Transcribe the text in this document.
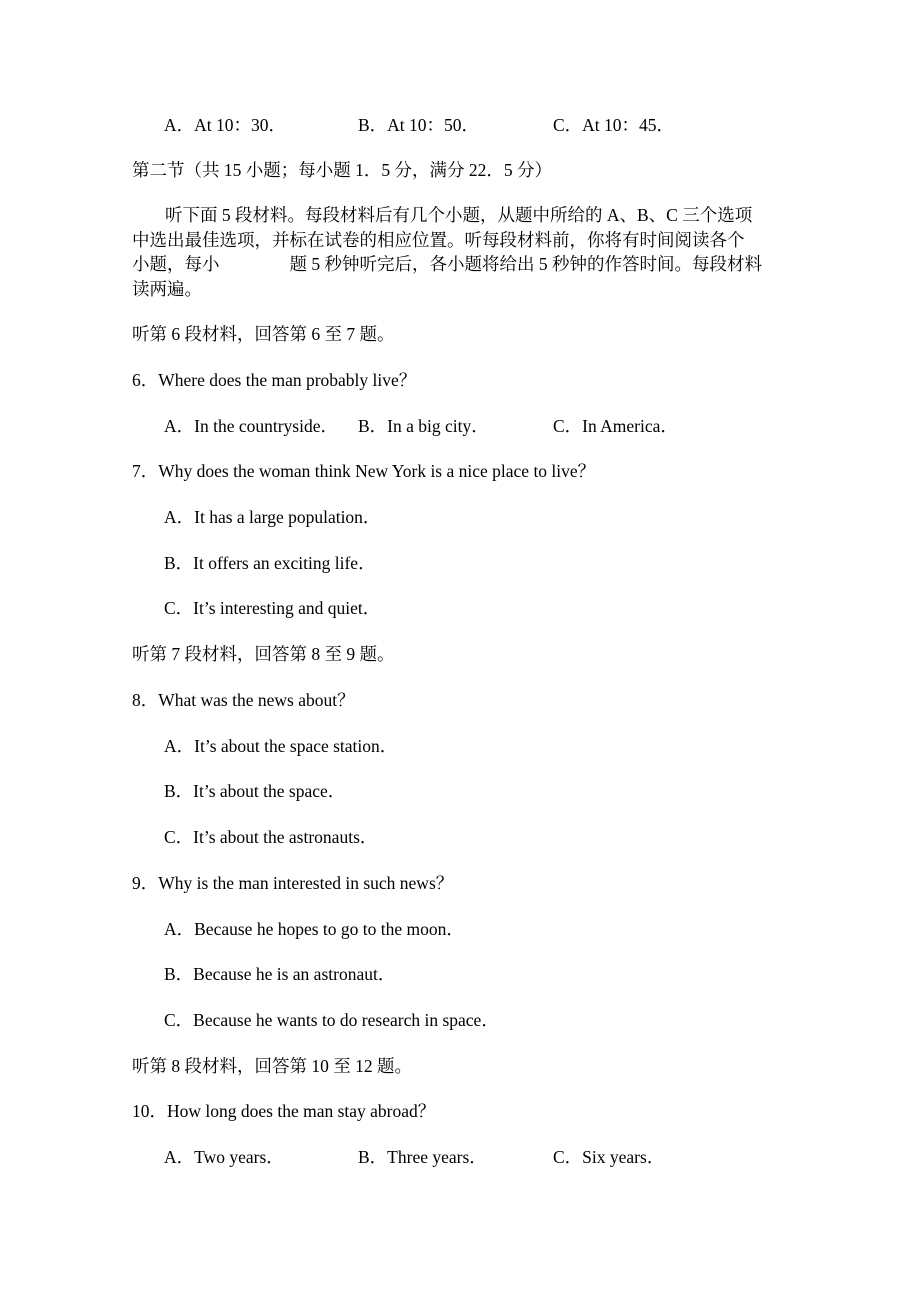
A．At 10：30．	B．At 10：50．	C．At 10：45．
第二节（共 15 小题；每小题 1．5 分，满分 22．5 分）
听下面 5 段材料。每段材料后有几个小题，从题中所给的 A、B、C 三个选项
中选出最佳选项，并标在试卷的相应位置。听每段材料前，你将有时间阅读各个
小题，每小　　　　题 5 秒钟听完后，各小题将给出 5 秒钟的作答时间。每段材料
读两遍。
听第 6 段材料，回答第 6 至 7 题。
6．Where does the man probably live？
A．In the countryside． B．In a big city．	C．In America．
7．Why does the woman think New York is a nice place to live？
A．It has a large population．
B．It offers an exciting life．
C．It’s interesting and quiet．
听第 7 段材料，回答第 8 至 9 题。
8．What was the news about？
A．It’s about the space station．
B．It’s about the space．
C．It’s about the astronauts．
9．Why is the man interested in such news？
A．Because he hopes to go to the moon．
B．Because he is an astronaut．
C．Because he wants to do research in space．
听第 8 段材料，回答第 10 至 12 题。
10．How long does the man stay abroad？
A．Two years．	B．Three years．	C．Six years．
